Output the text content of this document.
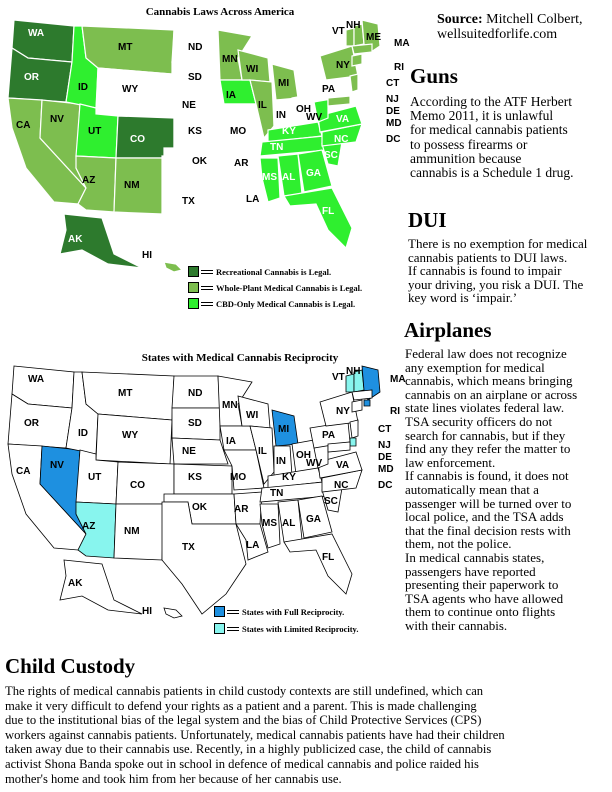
Cannabis Laws Across America
WA
OR
CA
NV
ID
MT
WY
UT
AZ
CO
NM
ND
SD
NE
KS
OK
TX
MN
IA
MO
AR
LA
WI
IL
MI
IN
OH
KY
TN
MS AL GA
FL
SC
NC
VA
WV
PA
NY
VT
NH
ME
MA
RI
CT
NJ
DE
MD
DC
AK
HI
Recreational Cannabis is Legal.
Whole-Plant Medical Cannabis is Legal.
CBD-Only Medical Cannabis is Legal.
States with Medical Cannabis Reciprocity
WA
OR
CA
NV
ID
MT
WY
UT
AZ
CO
NM
ND
SD
NE
KS
OK
TX
MN
IA
MO
AR
LA
WI
IL
MI
IN
OH
KY
TN
MS AL GA
FL
SC
NC
VA
WV
PA
NY
VT
NH
MA
RI
CT
NJ
DE
MD
DC
AK
HI	States with Full Reciprocity.
States with Limited Reciprocity.
Source: Mitchell Colbert,
wellsuitedforlife.com
Guns
According to the ATF Herbert
Memo 2011, it is unlawful
for medical cannabis patients
to possess firearms or
ammunition because
cannabis is a Schedule 1 drug.
DUI
There is no exemption for medical
cannabis patients to DUI laws.
If cannabis is found to impair
your driving, you risk a DUI. The
key word is ‘impair.’
Airplanes
Federal law does not recognize
any exemption for medical
cannabis, which means bringing
cannabis on an airplane or across
state lines violates federal law.
TSA security officers do not
search for cannabis, but if they
find any they refer the matter to
law enforcement.
If cannabis is found, it does not
automatically mean that a
passenger will be turned over to
local police, and the TSA adds
that the final decision rests with
them, not the police.
In medical cannabis states,
passengers have reported
presenting their paperwork to
TSA agents who have allowed
them to continue onto flights
with their cannabis.
Child Custody
The rights of medical cannabis patients in child custody contexts are still undefined, which can
make it very difficult to defend your rights as a patient and a parent. This is made challenging
due to the institutional bias of the legal system and the bias of Child Protective Services (CPS)
workers against cannabis patients. Unfortunately, medical cannabis patients have had their children
taken away due to their cannabis use. Recently, in a highly publicized case, the child of cannabis
activist Shona Banda spoke out in school in defence of medical cannabis and police raided his
mother's home and took him from her because of her cannabis use.
